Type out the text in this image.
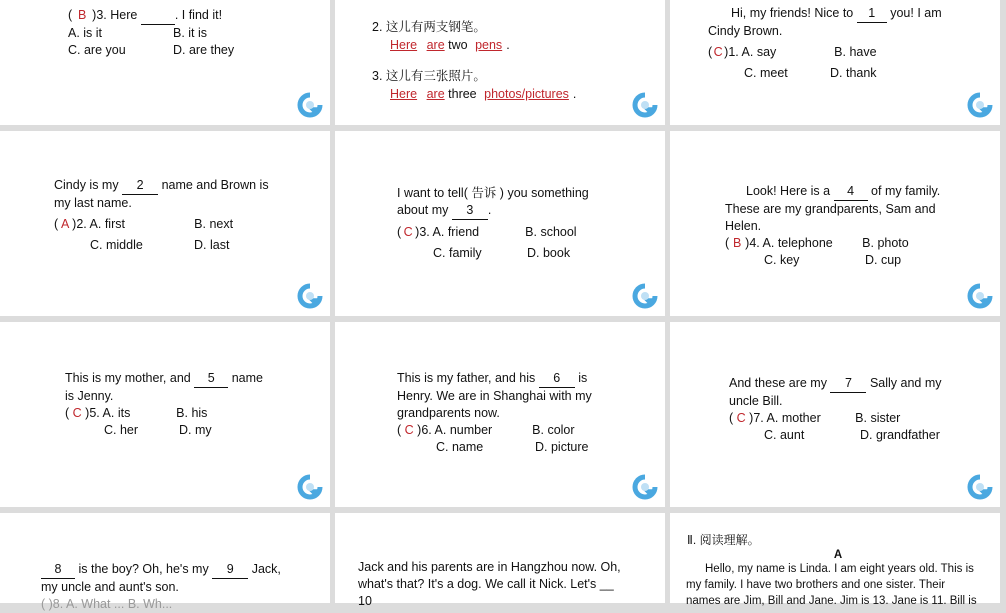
( B )3. Here	. I find it!
A. is it	B. it is
C. are you	D. are they
2. 这儿有两支钢笔。
Here are two pens .
3. 这儿有三张照片。
Here are three photos/pictures .
Hi, my friends! Nice to 1 you! I am
Cindy Brown.
(C)1. A. say	B. have
C. meet	D. thank
Cindy is my 2 name and Brown is
my last name.
( A )2. A. first	B. next
C. middle	D. last
I want to tell( 告诉 ) you something
about my 3 .
( C )3. A. friend	B. school
C. family	D. book
Look! Here is a 4 of my family.
These are my grandparents, Sam and
Helen.
( B )4. A. telephone B. photo
C. key	D. cup
This is my mother, and 5 name
is Jenny.
( C )5. A. its	B. his
C. her	D. my
This is my father, and his 6 is
Henry. We are in Shanghai with my
grandparents now.
( C )6. A. number	B. color
C. name	D. picture
And these are my 7 Sally and my
uncle Bill.
( C )7. A. mother	B. sister
C. aunt	D. grandfather
8 is the boy? Oh, he's my 9 Jack,
my uncle and aunt's son.
( )8. A. What ... B. Wh...
Jack and his parents are in Hangzhou now. Oh,
what's that? It's a dog. We call it Nick. Let's __
10
Ⅱ. 阅读理解。
A
Hello, my name is Linda. I am eight years old. This is
my family. I have two brothers and one sister. Their
names are Jim, Bill and Jane. Jim is 13. Jane is 11. Bill is
